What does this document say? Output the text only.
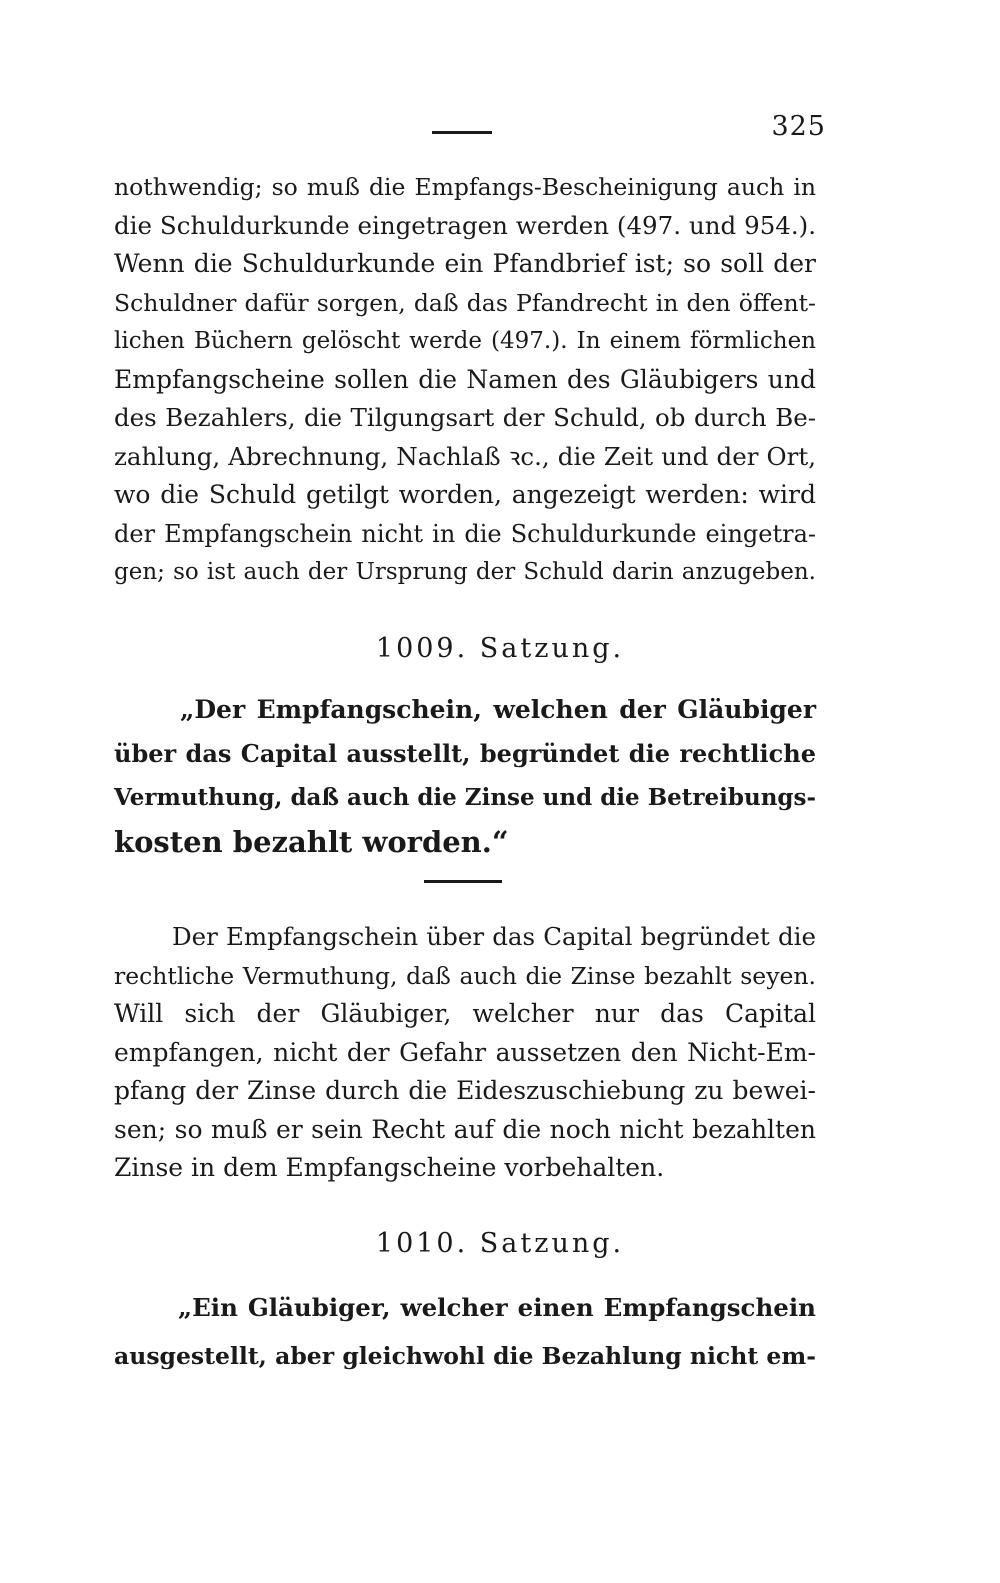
325
nothwendig; so muß die Empfangs-Bescheinigung auch in
die Schuldurkunde eingetragen werden (497. und 954.).
Wenn die Schuldurkunde ein Pfandbrief ist; so soll der
Schuldner dafür sorgen, daß das Pfandrecht in den öffent-
lichen Büchern gelöscht werde (497.). In einem förmlichen
Empfangscheine sollen die Namen des Gläubigers und
des Bezahlers, die Tilgungsart der Schuld, ob durch Be-
zahlung, Abrechnung, Nachlaß ꝛc., die Zeit und der Ort,
wo die Schuld getilgt worden, angezeigt werden: wird
der Empfangschein nicht in die Schuldurkunde eingetra-
gen; so ist auch der Ursprung der Schuld darin anzugeben.
1009. Satzung.
„Der Empfangschein, welchen der Gläubiger
über das Capital ausstellt, begründet die rechtliche
Vermuthung, daß auch die Zinse und die Betreibungs-
kosten bezahlt worden.“
Der Empfangschein über das Capital begründet die
rechtliche Vermuthung, daß auch die Zinse bezahlt seyen.
Will sich der Gläubiger, welcher nur das Capital
empfangen, nicht der Gefahr aussetzen den Nicht-Em-
pfang der Zinse durch die Eideszuschiebung zu bewei-
sen; so muß er sein Recht auf die noch nicht bezahlten
Zinse in dem Empfangscheine vorbehalten.
1010. Satzung.
„Ein Gläubiger, welcher einen Empfangschein
ausgestellt, aber gleichwohl die Bezahlung nicht em-
